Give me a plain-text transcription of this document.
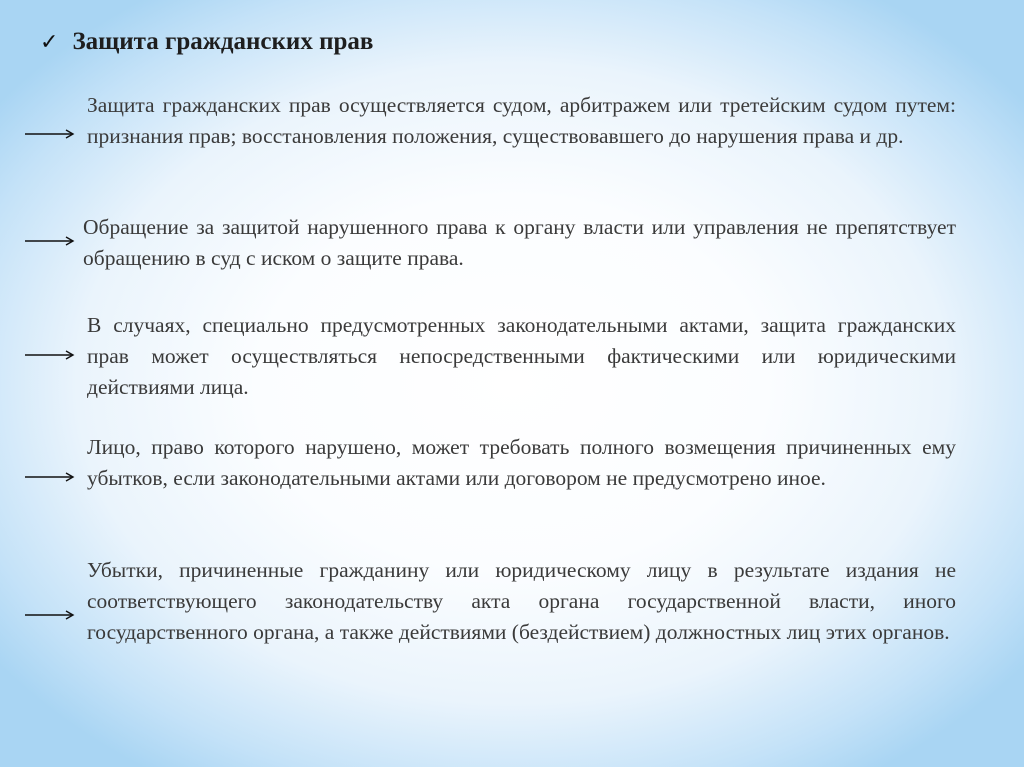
✓ Защита гражданских прав
Защита гражданских прав осуществляется судом, арбитражем или третейским судом путем: признания прав; восстановления положения, существовавшего до нарушения права и др.
Обращение за защитой нарушенного права к органу власти или управления не препятствует обращению в суд с иском о защите права.
В случаях, специально предусмотренных законодательными актами, защита гражданских прав может осуществляться непосредственными фактическими или юридическими действиями лица.
Лицо, право которого нарушено, может требовать полного возмещения причиненных ему убытков, если законодательными актами или договором не предусмотрено иное.
Убытки, причиненные гражданину или юридическому лицу в результате издания не соответствующего законодательству акта органа государственной власти, иного государственного органа, а также действиями (бездействием) должностных лиц этих органов.
